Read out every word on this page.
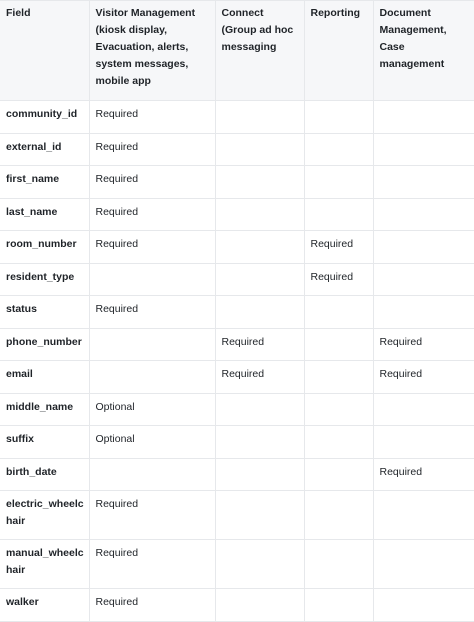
Field	Visitor Management (kiosk display, Evacuation, alerts, system messages, mobile app	Connect (Group ad hoc messaging	Reporting	Document Management, Case management
community_id	Required			
external_id	Required			
first_name	Required			
last_name	Required			
room_number	Required		Required	
resident_type			Required	
status	Required			
phone_number		Required		Required
email		Required		Required
middle_name	Optional			
suffix	Optional			
birth_date				Required
electric_wheelchair	Required			
manual_wheelchair	Required			
walker	Required			
